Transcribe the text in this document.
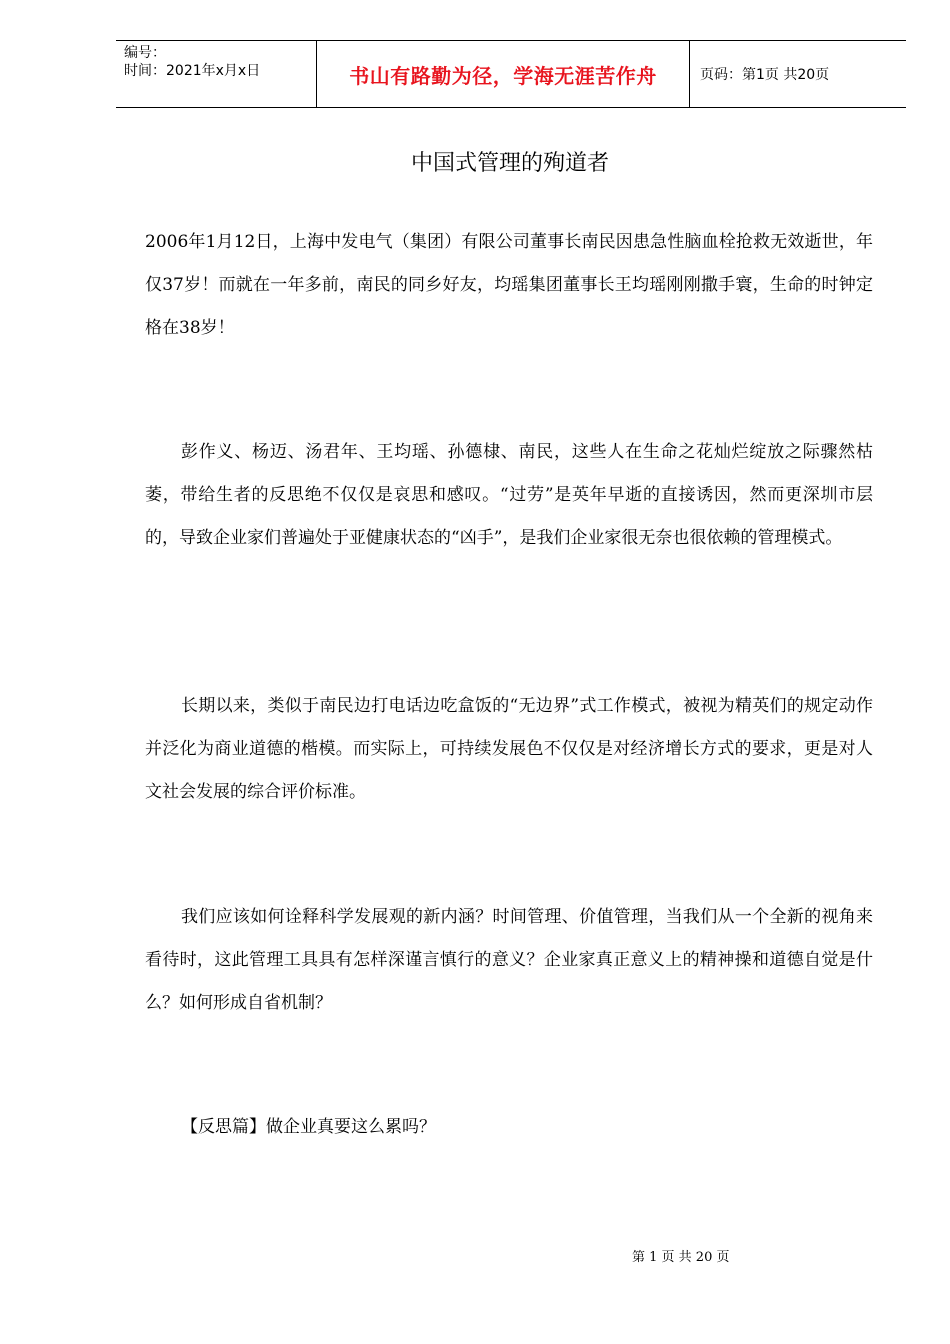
编号：
时间：2021年x月x日	书山有路勤为径，学海无涯苦作舟	页码：第1页 共20页
中国式管理的殉道者

2006年1月12日，上海中发电气（集团）有限公司董事长南民因患急性脑血栓抢救无效逝世，年仅37岁！而就在一年多前，南民的同乡好友，均瑶集团董事长王均瑶刚刚撒手寰，生命的时钟定格在38岁！

彭作义、杨迈、汤君年、王均瑶、孙德棣、南民，这些人在生命之花灿烂绽放之际骤然枯萎，带给生者的反思绝不仅仅是哀思和感叹。“过劳”是英年早逝的直接诱因，然而更深圳市层的，导致企业家们普遍处于亚健康状态的“凶手”，是我们企业家很无奈也很依赖的管理模式。

长期以来，类似于南民边打电话边吃盒饭的“无边界”式工作模式，被视为精英们的规定动作并泛化为商业道德的楷模。而实际上，可持续发展色不仅仅是对经济增长方式的要求，更是对人文社会发展的综合评价标准。

我们应该如何诠释科学发展观的新内涵？时间管理、价值管理，当我们从一个全新的视角来看待时，这此管理工具具有怎样深谨言慎行的意义？企业家真正意义上的精神操和道德自觉是什么？如何形成自省机制？

【反思篇】做企业真要这么累吗？

第 1 页 共 20 页
